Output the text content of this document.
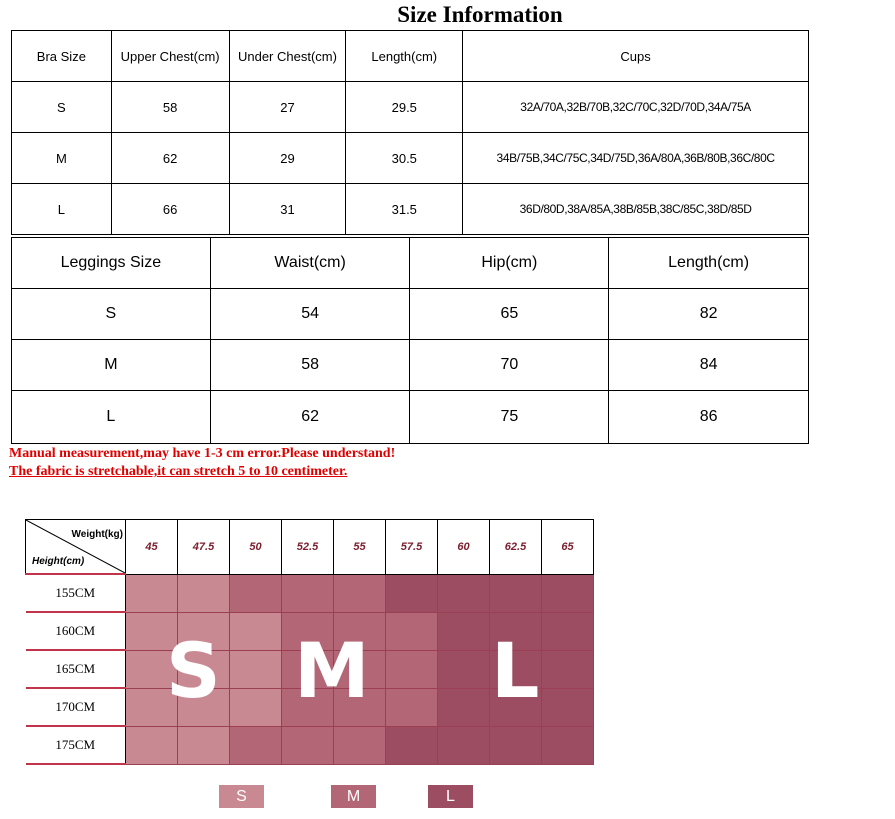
Size Information
Bra Size	Upper Chest(cm)	Under Chest(cm)	Length(cm)	Cups
S	58	27	29.5	32A/70A,32B/70B,32C/70C,32D/70D,34A/75A
M	62	29	30.5	34B/75B,34C/75C,34D/75D,36A/80A,36B/80B,36C/80C
L	66	31	31.5	36D/80D,38A/85A,38B/85B,38C/85C,38D/85D
Leggings Size	Waist(cm)	Hip(cm)	Length(cm)
S	54	65	82
M	58	70	84
L	62	75	86
Manual measurement,may have 1-3 cm error.Please understand!
The fabric is stretchable,it can stretch 5 to 10 centimeter.
Weight(kg)
Height(cm)	45	47.5	50	52.5	55	57.5	60	62.5	65
155CM									
160CM									
165CM									
170CM									
175CM									
S M L
S	M	L
